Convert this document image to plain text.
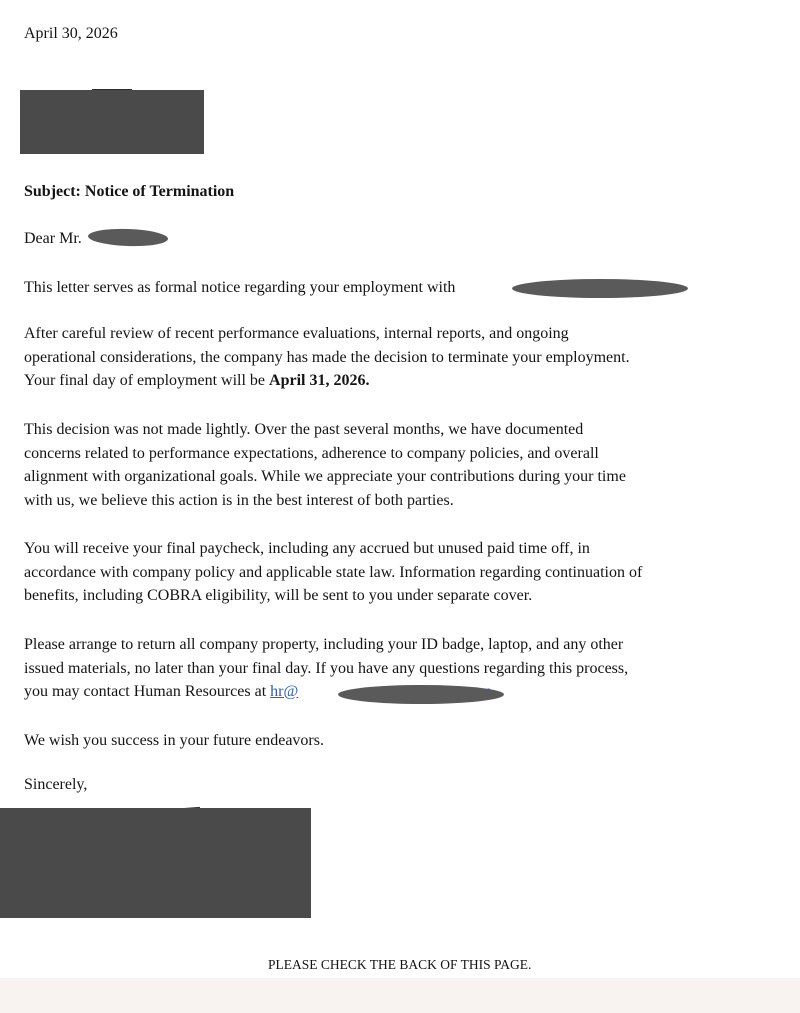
April 30, 2026
Subject: Notice of Termination
Dear Mr.
This letter serves as formal notice regarding your employment with
After careful review of recent performance evaluations, internal reports, and ongoing
operational considerations, the company has made the decision to terminate your employment.
Your final day of employment will be April 31, 2026.
This decision was not made lightly. Over the past several months, we have documented
concerns related to performance expectations, adherence to company policies, and overall
alignment with organizational goals. While we appreciate your contributions during your time
with us, we believe this action is in the best interest of both parties.
You will receive your final paycheck, including any accrued but unused paid time off, in
accordance with company policy and applicable state law. Information regarding continuation of
benefits, including COBRA eligibility, will be sent to you under separate cover.
Please arrange to return all company property, including your ID badge, laptop, and any other
issued materials, no later than your final day. If you have any questions regarding this process,
you may contact Human Resources at hr@
We wish you success in your future endeavors.
Sincerely,
PLEASE CHECK THE BACK OF THIS PAGE.
